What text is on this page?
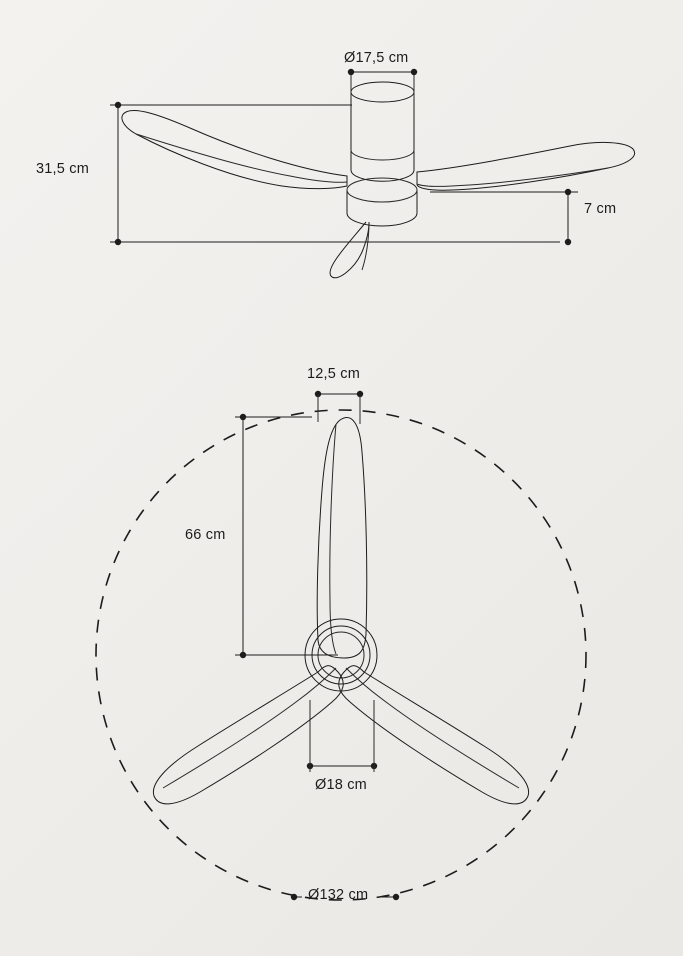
Ø17,5 cm
31,5 cm
7 cm
12,5 cm
66 cm
Ø18 cm
Ø132 cm
